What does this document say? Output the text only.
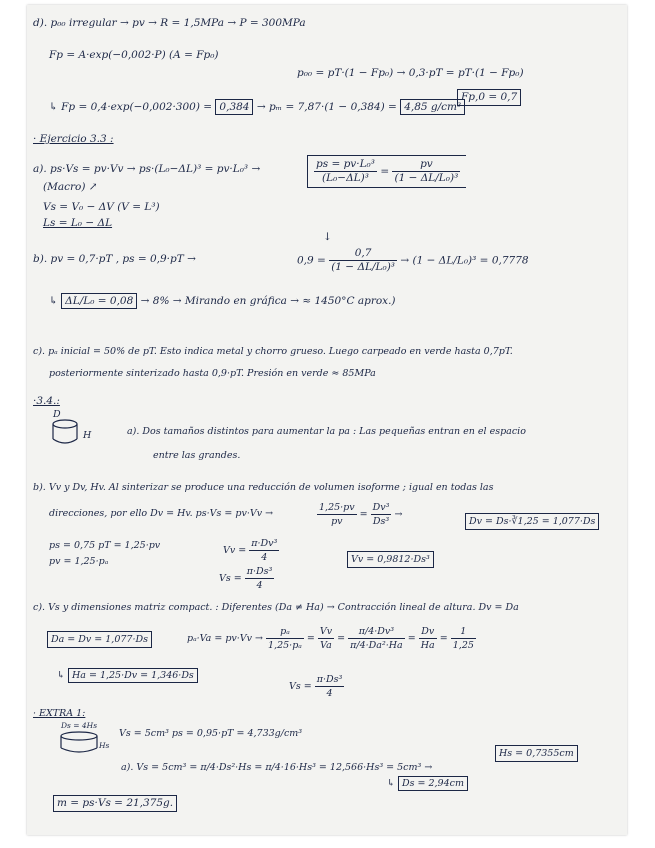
d). p₀₀ irregular → pv → R = 1,5MPa → P = 300MPa
Fp = A·exp(−0,002·P) (A = Fp₀)
p₀₀ = pT·(1 − Fp₀) → 0,3·pT = pT·(1 − Fp₀)
↳ Fp = 0,4·exp(−0,002·300) = 0,384 → pₘ = 7,87·(1 − 0,384) = 4,85 g/cm³
Fp,0 = 0,7
· Ejercicio 3.3 :
a). ps·Vs = pv·Vv → ps·(L₀−ΔL)³ = pv·L₀³ →	$\frac{\text{ps = pv·L₀³}}{\text{(L₀−ΔL)³}} = \frac{pv}{\text{(1 − ΔL/L₀)³}}$
(Macro) ↗
Vs = V₀ − ΔV (V = L³)
Ls = L₀ − ΔL
↓
b). pv = 0,7·pT , ps = 0,9·pT →	$0,9 = \frac{0,7}{\text{(1 − ΔL/L₀)³}} \to (1 - \Delta L/L_0)^3 = 0,7778$
↳ ΔL/L₀ = 0,08 → 8% → Mirando en gráfica → ≈ 1450°C aprox.)
c). pₐ inicial = 50% de pT. Esto indica metal y chorro grueso. Luego carpeado en verde hasta 0,7pT.
posteriormente sinterizado hasta 0,9·pT. Presión en verde ≈ 85MPa
·3.4.:
D
H	a). Dos tamaños distintos para aumentar la pa : Las pequeñas entran en el espacio
entre las grandes.
b). Vv y Dv, Hv. Al sinterizar se produce una reducción de volumen isoforme ; igual en todas las
direcciones, por ello Dv = Hv. ps·Vs = pv·Vv →	$\frac{1,25\cdot pv}{pv} = \frac{\text{Dv³}}{\text{Ds³}}$ →
Dv = Ds·∛1,25 = 1,077·Ds
ps = 0,75 pT = 1,25·pv
pv = 1,25·pₐ
$Vv = \frac{\text{π·Dv³}}{4}$
$Vs = \frac{\text{π·Ds³}}{4}$
Vv = 0,9812·Ds³
c). Vs y dimensiones matriz compact. : Diferentes (Da ≠ Ha) → Contracción lineal de altura. Dv = Da
Da = Dv = 1,077·Ds	$p_a\cdot Va = pv\cdot Vv \to \frac{\text{pₐ}}{\text{1,25·pₐ}} = \frac{Vv}{Va} = \frac{\text{π/4·Dv³}}{\text{π/4·Da²·Ha}} = \frac{Dv}{Ha} = \frac{1}{1,25}$
↳ Ha = 1,25·Dv = 1,346·Ds
$Vs = \frac{\text{π·Ds³}}{4}$
· EXTRA 1:
Ds = 4Hs
Hs
Vs = 5cm³ ps = 0,95·pT = 4,733g/cm³
a). Vs = 5cm³ = π/4·Ds²·Hs = π/4·16·Hs³ = 12,566·Hs³ = 5cm³ →
Hs = 0,7355cm
↳ Ds = 2,94cm
m = ps·Vs = 21,375g.
